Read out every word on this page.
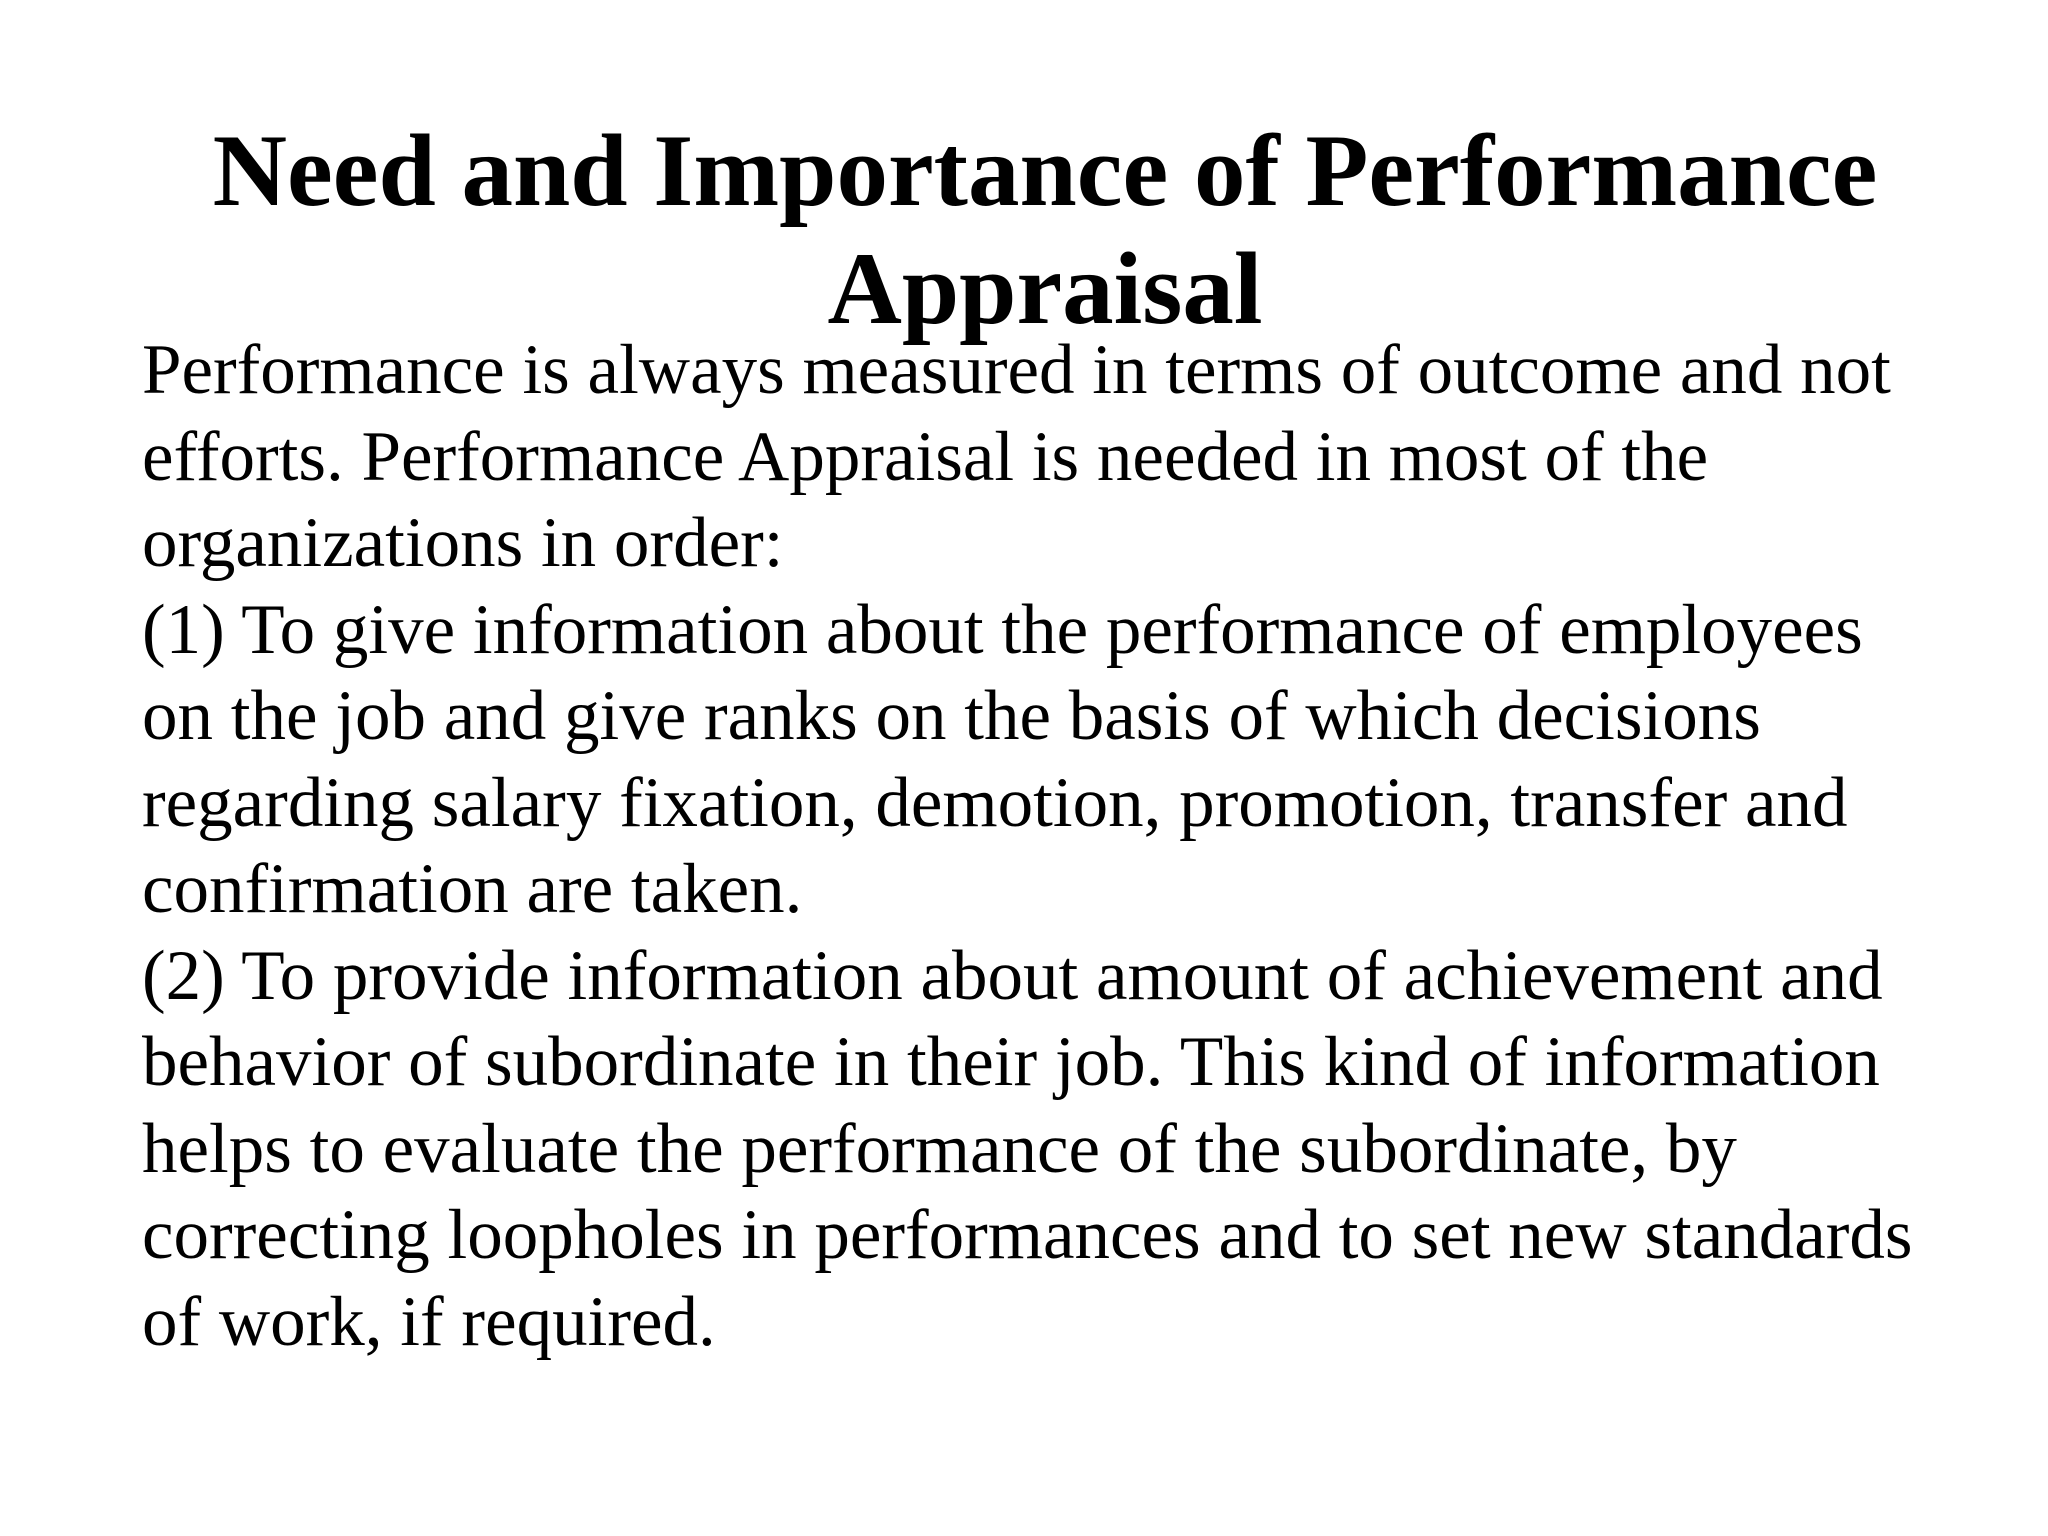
Need and Importance of Performance
Appraisal
Performance is always measured in terms of outcome and not
efforts. Performance Appraisal is needed in most of the
organizations in order:
(1) To give information about the performance of employees
on the job and give ranks on the basis of which decisions
regarding salary fixation, demotion, promotion, transfer and
confirmation are taken.
(2) To provide information about amount of achievement and
behavior of subordinate in their job. This kind of information
helps to evaluate the performance of the subordinate, by
correcting loopholes in performances and to set new standards
of work, if required.
